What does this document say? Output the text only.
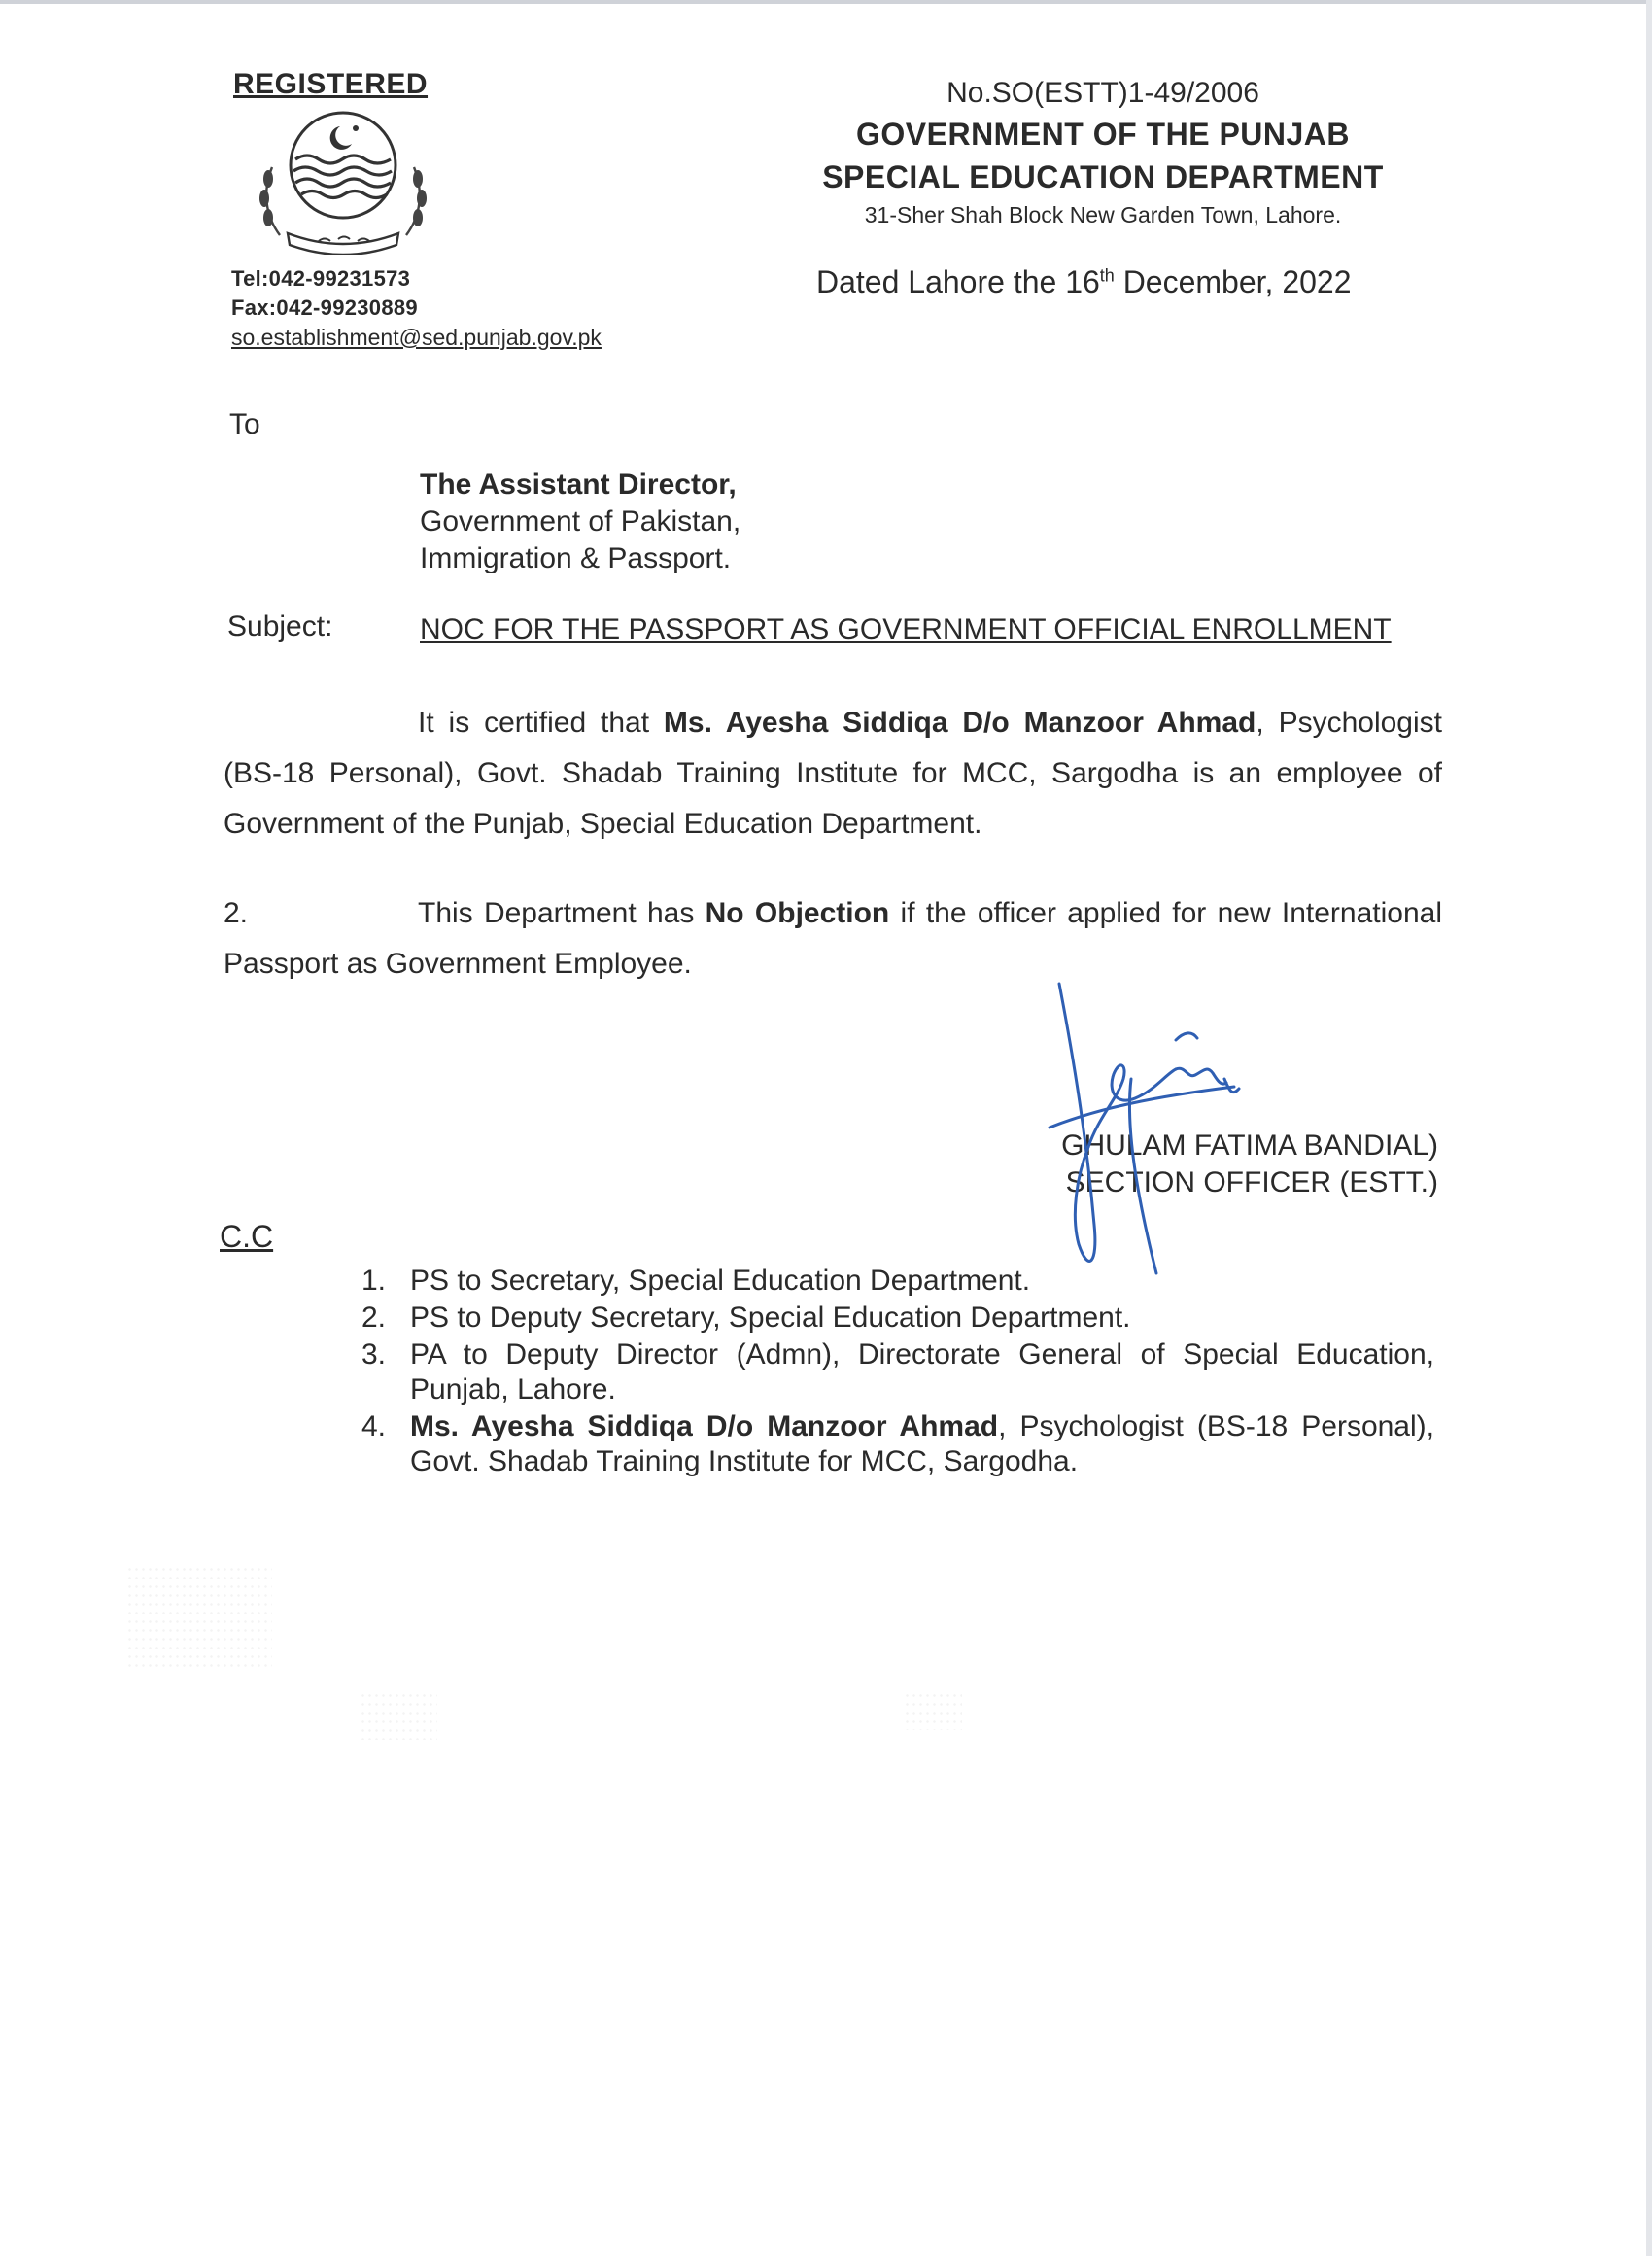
REGISTERED
Tel:042-99231573
Fax:042-99230889
so.establishment@sed.punjab.gov.pk
No.SO(ESTT)1-49/2006
GOVERNMENT OF THE PUNJAB
SPECIAL EDUCATION DEPARTMENT
31-Sher Shah Block New Garden Town, Lahore.
Dated Lahore the 16th December, 2022
To
The Assistant Director,
Government of Pakistan,
Immigration & Passport.
Subject:	NOC FOR THE PASSPORT AS GOVERNMENT OFFICIAL ENROLLMENT
It is certified that Ms. Ayesha Siddiqa D/o Manzoor Ahmad, Psychologist (BS-18 Personal), Govt. Shadab Training Institute for MCC, Sargodha is an employee of Government of the Punjab, Special Education Department.
2.	This Department has No Objection if the officer applied for new International Passport as Government Employee.
GHULAM FATIMA BANDIAL)
SECTION OFFICER (ESTT.)
C.C
1. PS to Secretary, Special Education Department.
2. PS to Deputy Secretary, Special Education Department.
3. PA to Deputy Director (Admn), Directorate General of Special Education, Punjab, Lahore.
4. Ms. Ayesha Siddiqa D/o Manzoor Ahmad, Psychologist (BS-18 Personal), Govt. Shadab Training Institute for MCC, Sargodha.
